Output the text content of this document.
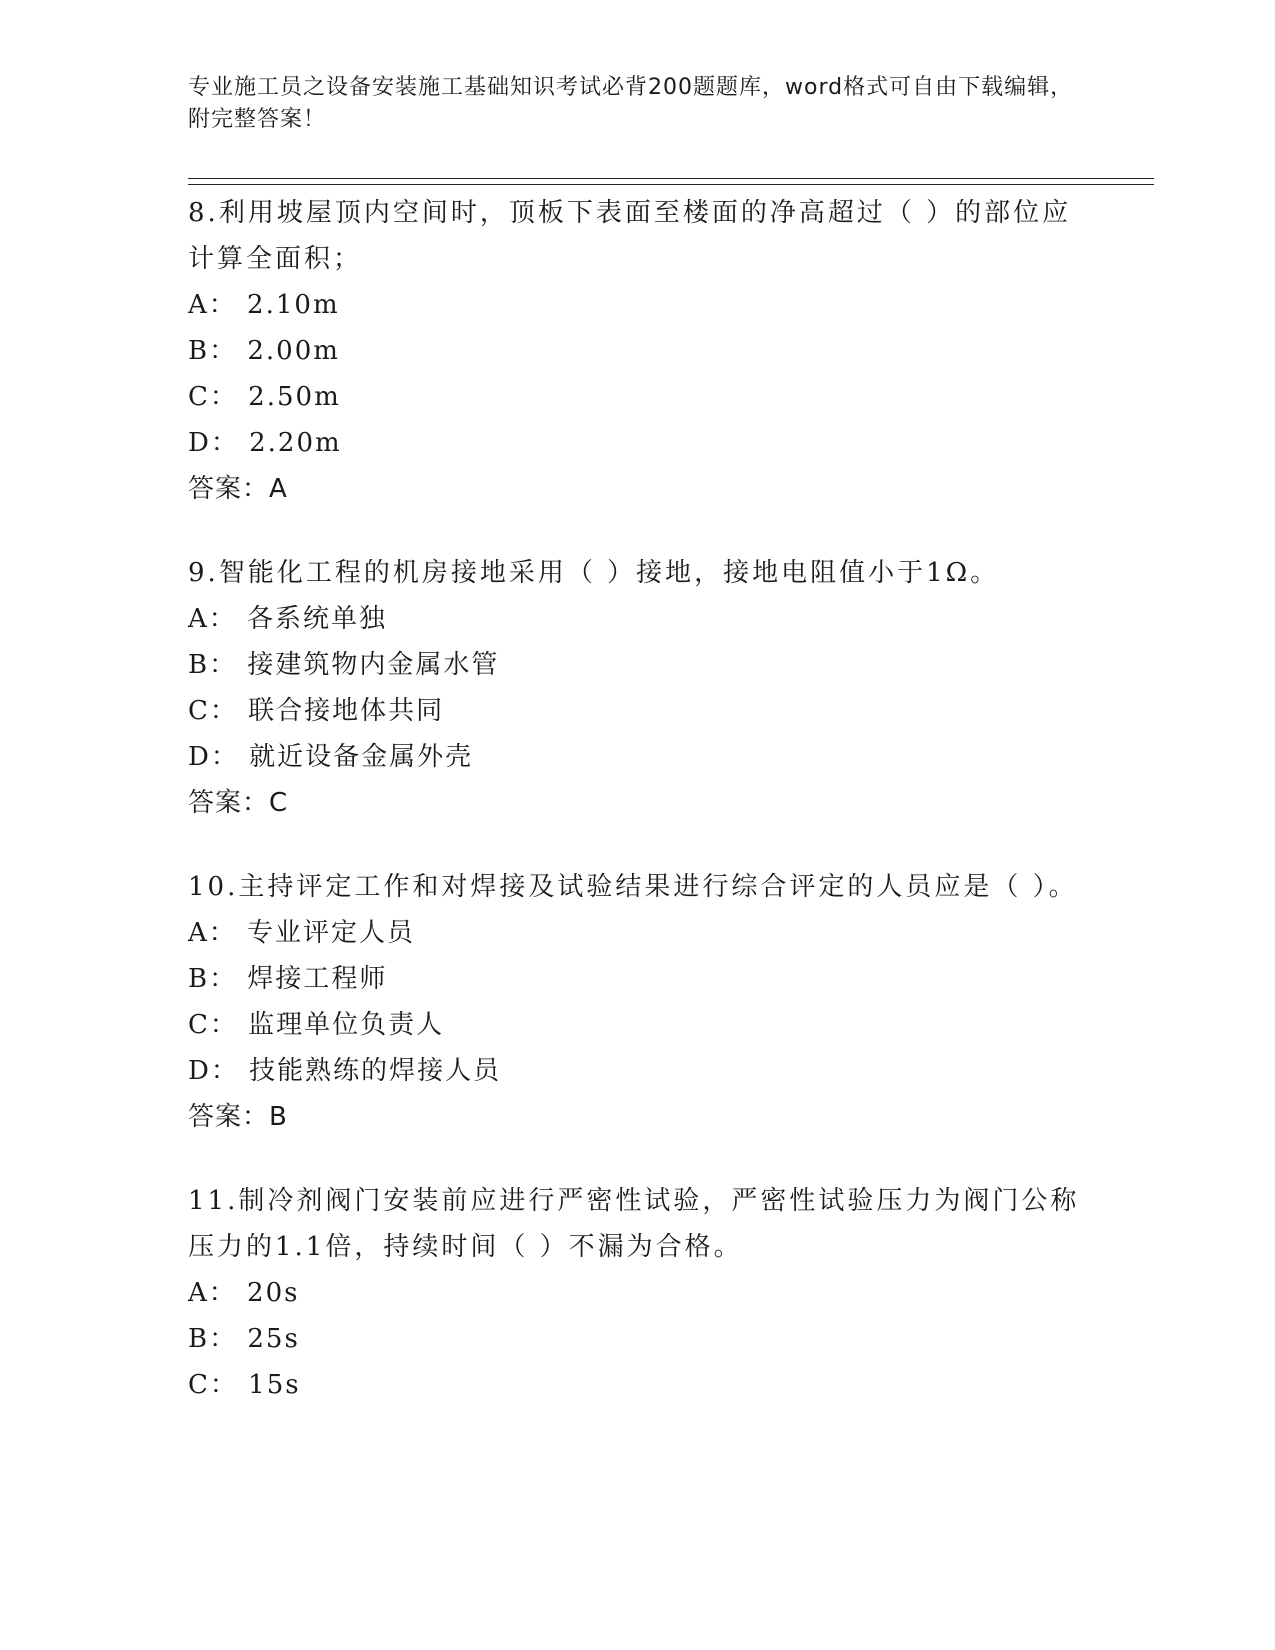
专业施工员之设备安装施工基础知识考试必背200题题库，word格式可自由下载编辑，附完整答案！
8.利用坡屋顶内空间时，顶板下表面至楼面的净高超过（ ）的部位应计算全面积；
A： 2.10m
B： 2.00m
C： 2.50m
D： 2.20m
答案：A
9.智能化工程的机房接地采用（ ）接地，接地电阻值小于1Ω。
A： 各系统单独
B： 接建筑物内金属水管
C： 联合接地体共同
D： 就近设备金属外壳
答案：C
10.主持评定工作和对焊接及试验结果进行综合评定的人员应是（ ）。
A： 专业评定人员
B： 焊接工程师
C： 监理单位负责人
D： 技能熟练的焊接人员
答案：B
11.制冷剂阀门安装前应进行严密性试验，严密性试验压力为阀门公称压力的1.1倍，持续时间（ ）不漏为合格。
A： 20s
B： 25s
C： 15s
